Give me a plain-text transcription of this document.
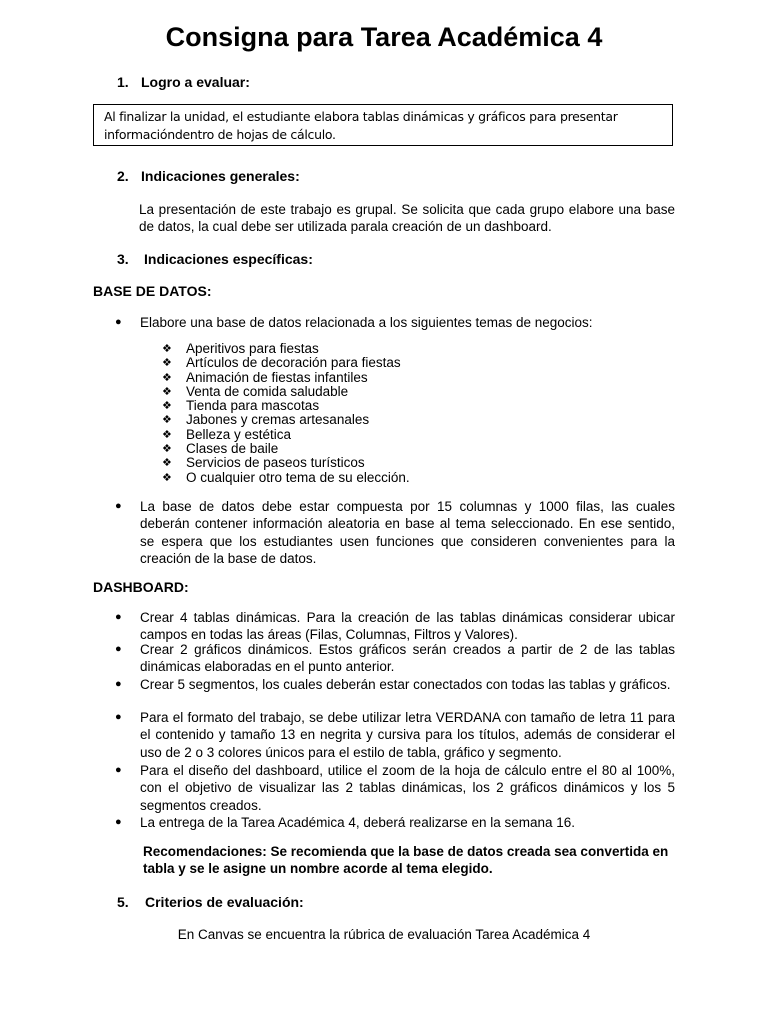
Consigna para Tarea Académica 4
1. Logro a evaluar:
Al finalizar la unidad, el estudiante elabora tablas dinámicas y gráficos para presentar informacióndentro de hojas de cálculo.
2. Indicaciones generales:
La presentación de este trabajo es grupal. Se solicita que cada grupo elabore una base de datos, la cual debe ser utilizada parala creación de un dashboard.
3. Indicaciones específicas:
BASE DE DATOS:
● Elabore una base de datos relacionada a los siguientes temas de negocios:
❖ Aperitivos para fiestas
❖ Artículos de decoración para fiestas
❖ Animación de fiestas infantiles
❖ Venta de comida saludable
❖ Tienda para mascotas
❖ Jabones y cremas artesanales
❖ Belleza y estética
❖ Clases de baile
❖ Servicios de paseos turísticos
❖ O cualquier otro tema de su elección.
● La base de datos debe estar compuesta por 15 columnas y 1000 filas, las cuales deberán contener información aleatoria en base al tema seleccionado. En ese sentido, se espera que los estudiantes usen funciones que consideren convenientes para la creación de la base de datos.
DASHBOARD:
● Crear 4 tablas dinámicas. Para la creación de las tablas dinámicas considerar ubicar campos en todas las áreas (Filas, Columnas, Filtros y Valores).
● Crear 2 gráficos dinámicos. Estos gráficos serán creados a partir de 2 de las tablas dinámicas elaboradas en el punto anterior.
● Crear 5 segmentos, los cuales deberán estar conectados con todas las tablas y gráficos.
● Para el formato del trabajo, se debe utilizar letra VERDANA con tamaño de letra 11 para el contenido y tamaño 13 en negrita y cursiva para los títulos, además de considerar el uso de 2 o 3 colores únicos para el estilo de tabla, gráfico y segmento.
● Para el diseño del dashboard, utilice el zoom de la hoja de cálculo entre el 80 al 100%, con el objetivo de visualizar las 2 tablas dinámicas, los 2 gráficos dinámicos y los 5 segmentos creados.
● La entrega de la Tarea Académica 4, deberá realizarse en la semana 16.
Recomendaciones: Se recomienda que la base de datos creada sea convertida en tabla y se le asigne un nombre acorde al tema elegido.
5. Criterios de evaluación:
En Canvas se encuentra la rúbrica de evaluación Tarea Académica 4
